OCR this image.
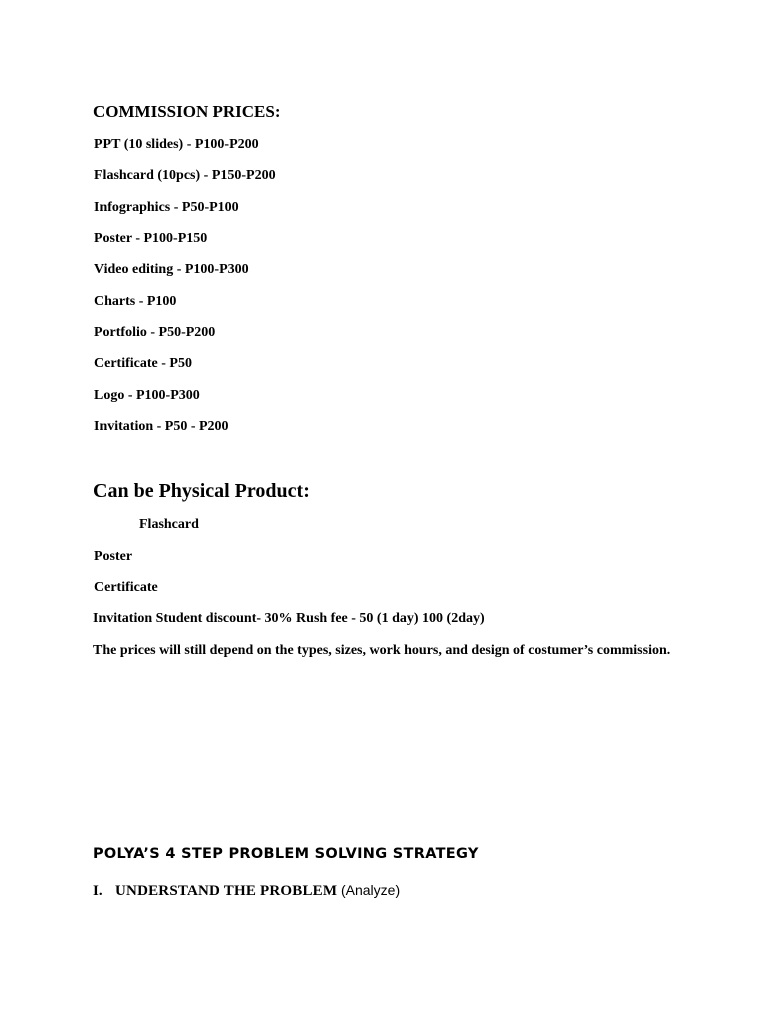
COMMISSION PRICES:
PPT (10 slides) - P100-P200
Flashcard (10pcs) - P150-P200
Infographics - P50-P100
Poster - P100-P150
Video editing - P100-P300
Charts - P100
Portfolio - P50-P200
Certificate - P50
Logo - P100-P300
Invitation - P50 - P200
Can be Physical Product:
Flashcard
Poster
Certificate
Invitation Student discount- 30% Rush fee - 50 (1 day) 100 (2day)
The prices will still depend on the types, sizes, work hours, and design of costumer’s commission.
POLYA’S 4 STEP PROBLEM SOLVING STRATEGY
I. UNDERSTAND THE PROBLEM (Analyze)
